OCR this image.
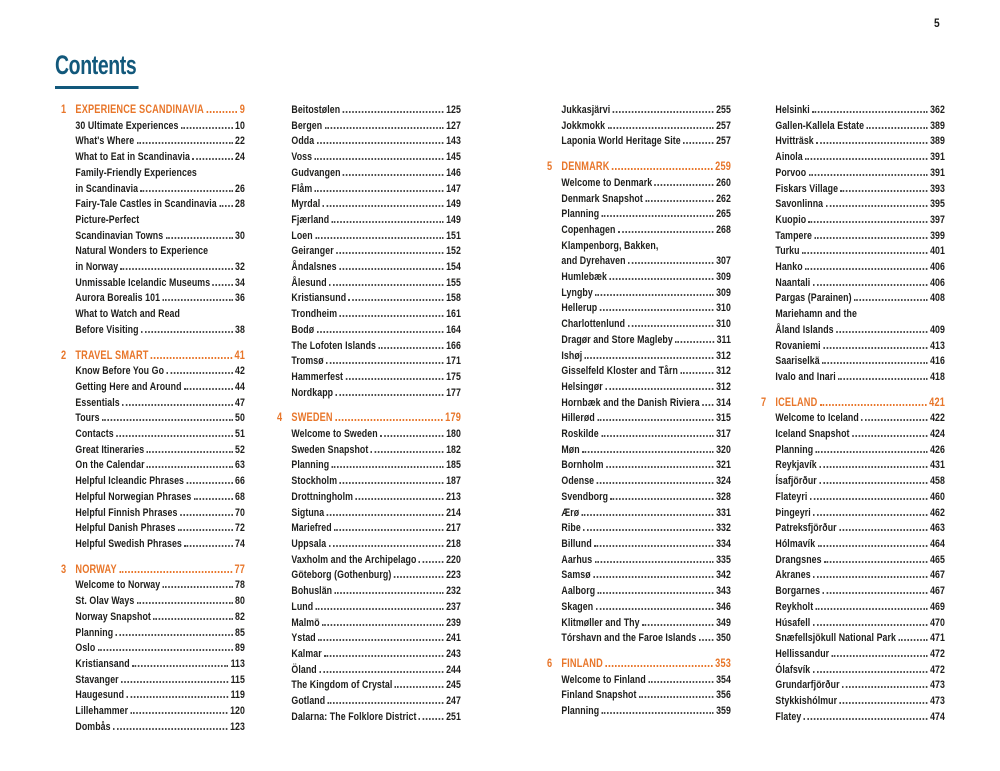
5
Contents
1 EXPERIENCE SCANDINAVIA	9
30 Ultimate Experiences	10
What's Where	22
What to Eat in Scandinavia	24
Family-Friendly Experiences
in Scandinavia	26
Fairy-Tale Castles in Scandinavia 28
Picture-Perfect
Scandinavian Towns	30
Natural Wonders to Experience
in Norway	32
Unmissable Icelandic Museums 34
Aurora Borealis 101	36
What to Watch and Read
Before Visiting	38
2 TRAVEL SMART	41
Know Before You Go	42
Getting Here and Around	44
Essentials	47
Tours	50
Contacts	51
Great Itineraries	52
On the Calendar	63
Helpful Icleandic Phrases	66
Helpful Norwegian Phrases	68
Helpful Finnish Phrases	70
Helpful Danish Phrases	72
Helpful Swedish Phrases	74
3 NORWAY	77
Welcome to Norway	78
St. Olav Ways	80
Norway Snapshot	82
Planning	85
Oslo	89
Kristiansand	113
Stavanger	115
Haugesund	119
Lillehammer	120
Dombås	123
Beitostølen	125
Bergen	127
Odda	143
Voss	145
Gudvangen	146
Flåm	147
Myrdal	149
Fjærland	149
Loen	151
Geiranger	152
Åndalsnes	154
Ålesund	155
Kristiansund	158
Trondheim	161
Bodø	164
The Lofoten Islands	166
Tromsø	171
Hammerfest	175
Nordkapp	177
4 SWEDEN	179
Welcome to Sweden	180
Sweden Snapshot	182
Planning	185
Stockholm	187
Drottningholm	213
Sigtuna	214
Mariefred	217
Uppsala	218
Vaxholm and the Archipelago	220
Göteborg (Gothenburg)	223
Bohuslän	232
Lund	237
Malmö	239
Ystad	241
Kalmar	243
Öland	244
The Kingdom of Crystal	245
Gotland	247
Dalarna: The Folklore District	251
Jukkasjärvi	255
Jokkmokk	257
Laponia World Heritage Site	257
5 DENMARK	259
Welcome to Denmark	260
Denmark Snapshot	262
Planning	265
Copenhagen	268
Klampenborg, Bakken,
and Dyrehaven	307
Humlebæk	309
Lyngby	309
Hellerup	310
Charlottenlund	310
Dragør and Store Magleby	311
Ishøj	312
Gisselfeld Kloster and Tårn	312
Helsingør	312
Hornbæk and the Danish Riviera 314
Hillerød	315
Roskilde	317
Møn	320
Bornholm	321
Odense	324
Svendborg	328
Ærø	331
Ribe	332
Billund	334
Aarhus	335
Samsø	342
Aalborg	343
Skagen	346
Klitmøller and Thy	349
Tórshavn and the Faroe Islands 350
6 FINLAND	353
Welcome to Finland	354
Finland Snapshot	356
Planning	359
Helsinki	362
Gallen-Kallela Estate	389
Hvitträsk	389
Ainola	391
Porvoo	391
Fiskars Village	393
Savonlinna	395
Kuopio	397
Tampere	399
Turku	401
Hanko	406
Naantali	406
Pargas (Parainen)	408
Mariehamn and the
Åland Islands	409
Rovaniemi	413
Saariselkä	416
Ivalo and Inari	418
7 ICELAND	421
Welcome to Iceland	422
Iceland Snapshot	424
Planning	426
Reykjavík	431
Ísafjörður	458
Flateyri	460
Þingeyri	462
Patreksfjörður	463
Hólmavík	464
Drangsnes	465
Akranes	467
Borgarnes	467
Reykholt	469
Húsafell	470
Snæfellsjökull National Park	471
Hellissandur	472
Ólafsvík	472
Grundarfjörður	473
Stykkishólmur	473
Flatey	474
